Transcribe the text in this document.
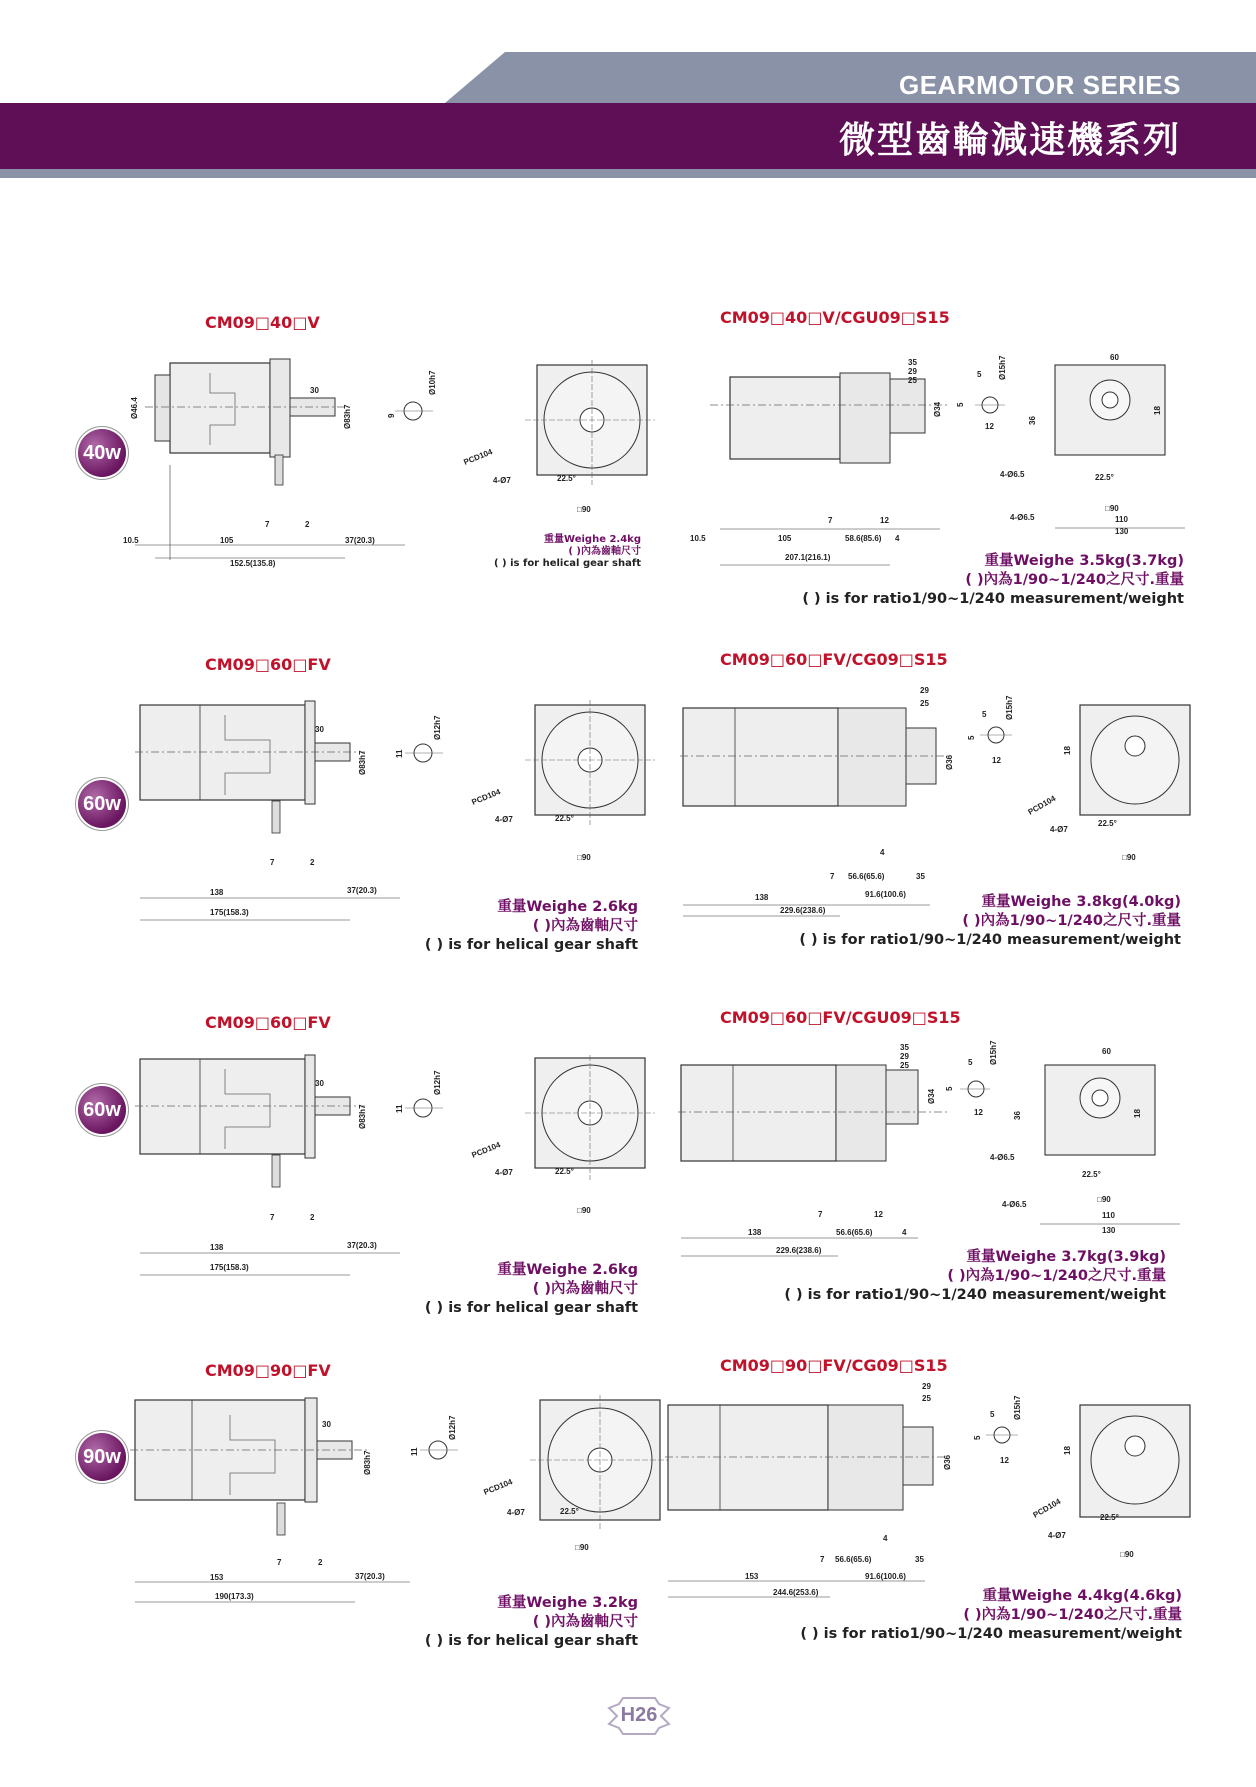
GEARMOTOR SERIES
微型齒輪減速機系列
40w
CM09□40□V	CM09□40□V/CGU09□S15
10.5	105
152.5(135.8)
37(20.3)
30
7	2
Ø46.4	Ø83h7
Ø10h7
9
PCD104
4-Ø7	22.5°
□90
重量Weighe 2.4kg
( )內為齒軸尺寸
( ) is for helical gear shaft
10.5	105
207.1(216.1)
58.6(85.6) 4
7	12
35
29
25
Ø34
Ø15h7
5
5
12
60
36
18
4-Ø6.5
4-Ø6.5
22.5°
□90
110
130
重量Weighe 3.5kg(3.7kg)
( )內為1/90~1/240之尺寸.重量
( ) is for ratio1/90~1/240 measurement/weight
60w
CM09□60□FV	CM09□60□FV/CG09□S15
138
175(158.3)
37(20.3)
30
7	2
Ø83h7
Ø12h7
11
PCD104
4-Ø7	22.5°
□90
重量Weighe 2.6kg
( )內為齒軸尺寸
( ) is for helical gear shaft
138
229.6(238.6)
56.6(65.6)
91.6(100.6)
35
4
7
29
25
Ø36
Ø15h7
5
5
12
18
PCD104
4-Ø7
22.5°
□90
重量Weighe 3.8kg(4.0kg)
( )內為1/90~1/240之尺寸.重量
( ) is for ratio1/90~1/240 measurement/weight
60w
CM09□60□FV	CM09□60□FV/CGU09□S15
138
175(158.3)
37(20.3)
30
7	2
Ø83h7
Ø12h7
11
PCD104
4-Ø7	22.5°
□90
重量Weighe 2.6kg
( )內為齒軸尺寸
( ) is for helical gear shaft
138
229.6(238.6)
56.6(65.6)	4
7	12
35
29
25
Ø34
Ø15h7
5
5
12
60
36	18
4-Ø6.5
4-Ø6.5
22.5°
□90
110
130
重量Weighe 3.7kg(3.9kg)
( )內為1/90~1/240之尺寸.重量
( ) is for ratio1/90~1/240 measurement/weight
90w
CM09□90□FV	CM09□90□FV/CG09□S15
153
190(173.3)
37(20.3)
30
7	2
Ø83h7
Ø12h7
11
PCD104
4-Ø7	22.5°
□90
重量Weighe 3.2kg
( )內為齒軸尺寸
( ) is for helical gear shaft
153
244.6(253.6)
56.6(65.6)
91.6(100.6)
35
4
7
29
25
Ø36
Ø15h7
5
5
12
18
PCD104
4-Ø7
22.5°
□90
重量Weighe 4.4kg(4.6kg)
( )內為1/90~1/240之尺寸.重量
( ) is for ratio1/90~1/240 measurement/weight
H26
